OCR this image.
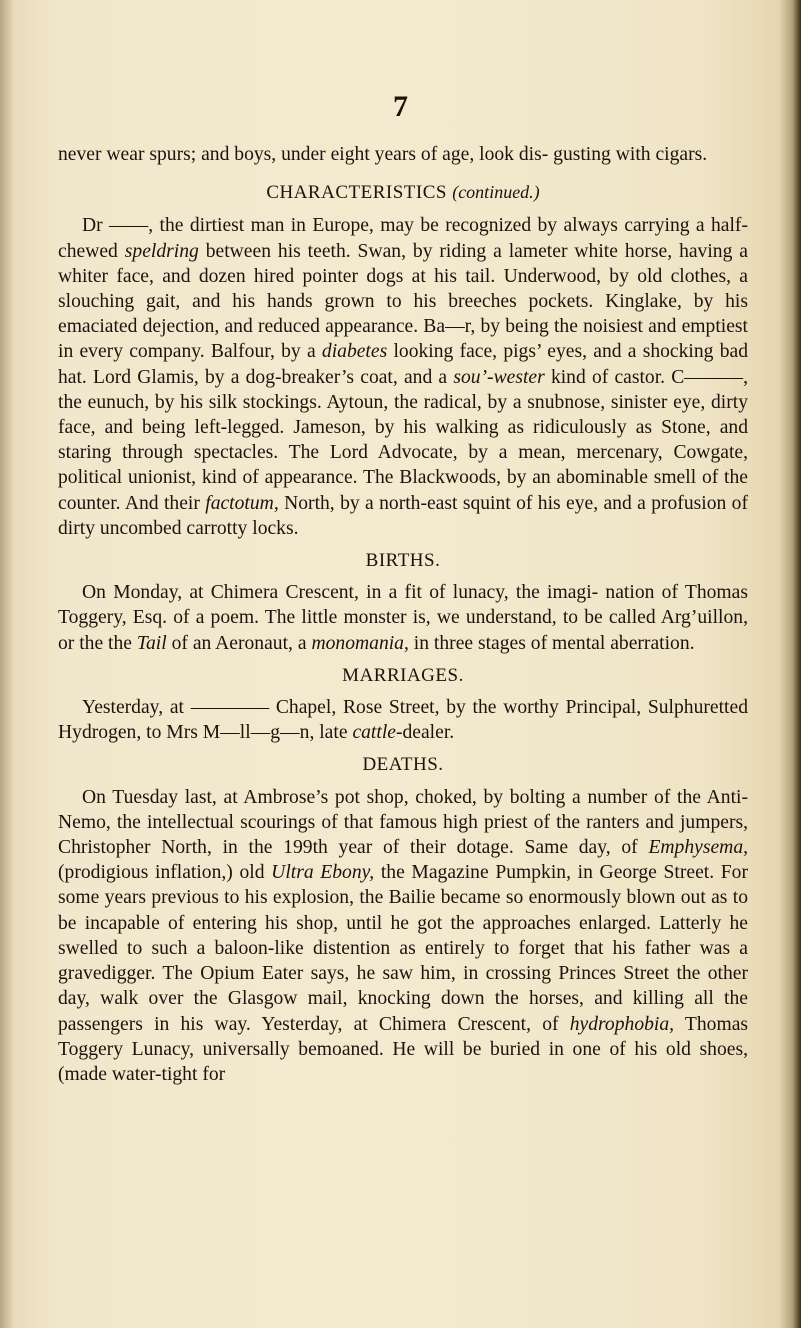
7

never wear spurs; and boys, under eight years of age, look dis- gusting with cigars.

CHARACTERISTICS (continued.)

Dr ——, the dirtiest man in Europe, may be recognized by always carrying a half-chewed speldring between his teeth. Swan, by riding a lameter white horse, having a whiter face, and dozen hired pointer dogs at his tail. Underwood, by old clothes, a slouching gait, and his hands grown to his breeches pockets. Kinglake, by his emaciated dejection, and reduced appearance. Ba—r, by being the noisiest and emptiest in every company. Balfour, by a diabetes looking face, pigs’ eyes, and a shocking bad hat. Lord Glamis, by a dog-breaker’s coat, and a sou’-wester kind of castor. C———, the eunuch, by his silk stockings. Aytoun, the radical, by a snubnose, sinister eye, dirty face, and being left-legged. Jameson, by his walking as ridiculously as Stone, and staring through spectacles. The Lord Advocate, by a mean, mercenary, Cowgate, political unionist, kind of appearance. The Blackwoods, by an abominable smell of the counter. And their factotum, North, by a north-east squint of his eye, and a profusion of dirty uncombed carrotty locks.

BIRTHS.

On Monday, at Chimera Crescent, in a fit of lunacy, the imagi- nation of Thomas Toggery, Esq. of a poem. The little monster is, we understand, to be called Arg’uillon, or the the Tail of an Aeronaut, a monomania, in three stages of mental aberration.

MARRIAGES.

Yesterday, at ———— Chapel, Rose Street, by the worthy Principal, Sulphuretted Hydrogen, to Mrs M—ll—g—n, late cattle-dealer.

DEATHS.

On Tuesday last, at Ambrose’s pot shop, choked, by bolting a number of the Anti-Nemo, the intellectual scourings of that famous high priest of the ranters and jumpers, Christopher North, in the 199th year of their dotage. Same day, of Emphysema, (prodigious inflation,) old Ultra Ebony, the Magazine Pumpkin, in George Street. For some years previous to his explosion, the Bailie became so enormously blown out as to be incapable of entering his shop, until he got the approaches enlarged. Latterly he swelled to such a baloon-like distention as entirely to forget that his father was a gravedigger. The Opium Eater says, he saw him, in crossing Princes Street the other day, walk over the Glasgow mail, knocking down the horses, and killing all the passengers in his way. Yesterday, at Chimera Crescent, of hydrophobia, Thomas Toggery Lunacy, universally bemoaned. He will be buried in one of his old shoes, (made water-tight for
